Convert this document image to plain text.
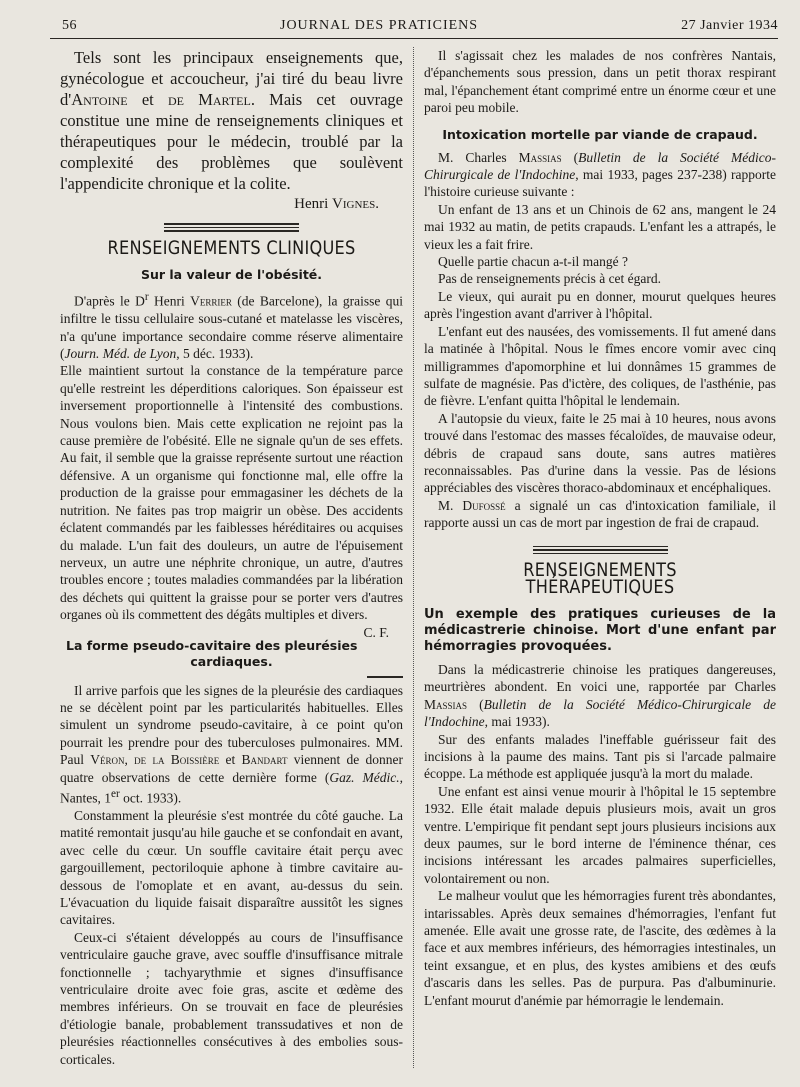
56	JOURNAL DES PRATICIENS	27 Janvier 1934

Tels sont les principaux enseignements que, gynécologue et accoucheur, j'ai tiré du beau livre d'Antoine et de Martel. Mais cet ouvrage constitue une mine de renseignements cliniques et thérapeutiques pour le médecin, troublé par la complexité des problèmes que soulèvent l'appendicite chronique et la colite.

Henri Vignes.
RENSEIGNEMENTS CLINIQUES
Sur la valeur de l'obésité.

D'après le $D^r$ Henri Verrier (de Barcelone), la graisse qui infiltre le tissu cellulaire sous-cutané et matelasse les viscères, n'a qu'une importance secondaire comme réserve alimentaire (Journ. Méd. de Lyon, 5 déc. 1933).

Elle maintient surtout la constance de la température parce qu'elle restreint les déperditions caloriques. Son épaisseur est inversement proportionnelle à l'intensité des combustions. Nous voulons bien. Mais cette explication ne rejoint pas la cause première de l'obésité. Elle ne signale qu'un de ses effets. Au fait, il semble que la graisse représente surtout une réaction défensive. A un organisme qui fonctionne mal, elle offre la production de la graisse pour emmagasiner les déchets de la nutrition. Ne faites pas trop maigrir un obèse. Des accidents éclatent commandés par les faiblesses héréditaires ou acquises du malade. L'un fait des douleurs, un autre de l'épuisement nerveux, un autre une néphrite chronique, un autre, d'autres troubles encore ; toutes maladies commandées par la libération des déchets qui quittent la graisse pour se porter vers d'autres organes où ils commettent des dégâts multiples et divers.
C. F.

La forme pseudo-cavitaire des pleurésies cardiaques.

Il arrive parfois que les signes de la pleurésie des cardiaques ne se décèlent point par les particularités habituelles. Elles simulent un syndrome pseudo-cavitaire, à ce point qu'on pourrait les prendre pour des tuberculoses pulmonaires. MM. Paul Véron, de la Boissière et Bandart viennent de donner quatre observations de cette dernière forme (Gaz. Médic., Nantes, 1er oct. 1933).

Constamment la pleurésie s'est montrée du côté gauche. La matité remontait jusqu'au hile gauche et se confondait en avant, avec celle du cœur. Un souffle cavitaire était perçu avec gargouillement, pectoriloquie aphone à timbre cavitaire au-dessous de l'omoplate et en avant, au-dessus du sein. L'évacuation du liquide faisait disparaître aussitôt les signes cavitaires.

Ceux-ci s'étaient développés au cours de l'insuffisance ventriculaire gauche grave, avec souffle d'insuffisance mitrale fonctionnelle ; tachyarythmie et signes d'insuffisance ventriculaire droite avec foie gras, ascite et œdème des membres inférieurs. On se trouvait en face de pleurésies d'étiologie banale, probablement transsudatives et non de pleurésies réactionnelles consécutives à des embolies sous-corticales.

Il s'agissait chez les malades de nos confrères Nantais, d'épanchements sous pression, dans un petit thorax respirant mal, l'épanchement étant comprimé entre un énorme cœur et une paroi peu mobile.

Intoxication mortelle par viande de crapaud.

M. Charles Massias (Bulletin de la Société Médico-Chirurgicale de l'Indochine, mai 1933, pages 237-238) rapporte l'histoire curieuse suivante :

Un enfant de 13 ans et un Chinois de 62 ans, mangent le 24 mai 1932 au matin, de petits crapauds. L'enfant les a attrapés, le vieux les a fait frire.

Quelle partie chacun a-t-il mangé ?

Pas de renseignements précis à cet égard.

Le vieux, qui aurait pu en donner, mourut quelques heures après l'ingestion avant d'arriver à l'hôpital.

L'enfant eut des nausées, des vomissements. Il fut amené dans la matinée à l'hôpital. Nous le fîmes encore vomir avec cinq milligrammes d'apomorphine et lui donnâmes 15 grammes de sulfate de magnésie. Pas d'ictère, des coliques, de l'asthénie, pas de fièvre. L'enfant quitta l'hôpital le lendemain.

A l'autopsie du vieux, faite le 25 mai à 10 heures, nous avons trouvé dans l'estomac des masses fécaloïdes, de mauvaise odeur, débris de crapaud sans doute, sans autres matières reconnaissables. Pas d'urine dans la vessie. Pas de lésions appréciables des viscères thoraco-abdominaux et encéphaliques.

M. Dufossé a signalé un cas d'intoxication familiale, il rapporte aussi un cas de mort par ingestion de frai de crapaud.

RENSEIGNEMENTS THÉRAPEUTIQUES
Un exemple des pratiques curieuses de la médicastrerie chinoise. Mort d'une enfant par hémorragies provoquées.

Dans la médicastrerie chinoise les pratiques dangereuses, meurtrières abondent. En voici une, rapportée par Charles Massias (Bulletin de la Société Médico-Chirurgicale de l'Indochine, mai 1933).

Sur des enfants malades l'ineffable guérisseur fait des incisions à la paume des mains. Tant pis si l'arcade palmaire écoppe. La méthode est appliquée jusqu'à la mort du malade.

Une enfant est ainsi venue mourir à l'hôpital le 15 septembre 1932. Elle était malade depuis plusieurs mois, avait un gros ventre. L'empirique fit pendant sept jours plusieurs incisions aux deux paumes, sur le bord interne de l'éminence thénar, ces incisions intéressant les arcades palmaires superficielles, volontairement ou non.

Le malheur voulut que les hémorragies furent très abondantes, intarissables. Après deux semaines d'hémorragies, l'enfant fut amenée. Elle avait une grosse rate, de l'ascite, des œdèmes à la face et aux membres inférieurs, des hémorragies intestinales, un teint exsangue, et en plus, des kystes amibiens et des œufs d'ascaris dans les selles. Pas de purpura. Pas d'albuminurie. L'enfant mourut d'anémie par hémorragie le lendemain.
